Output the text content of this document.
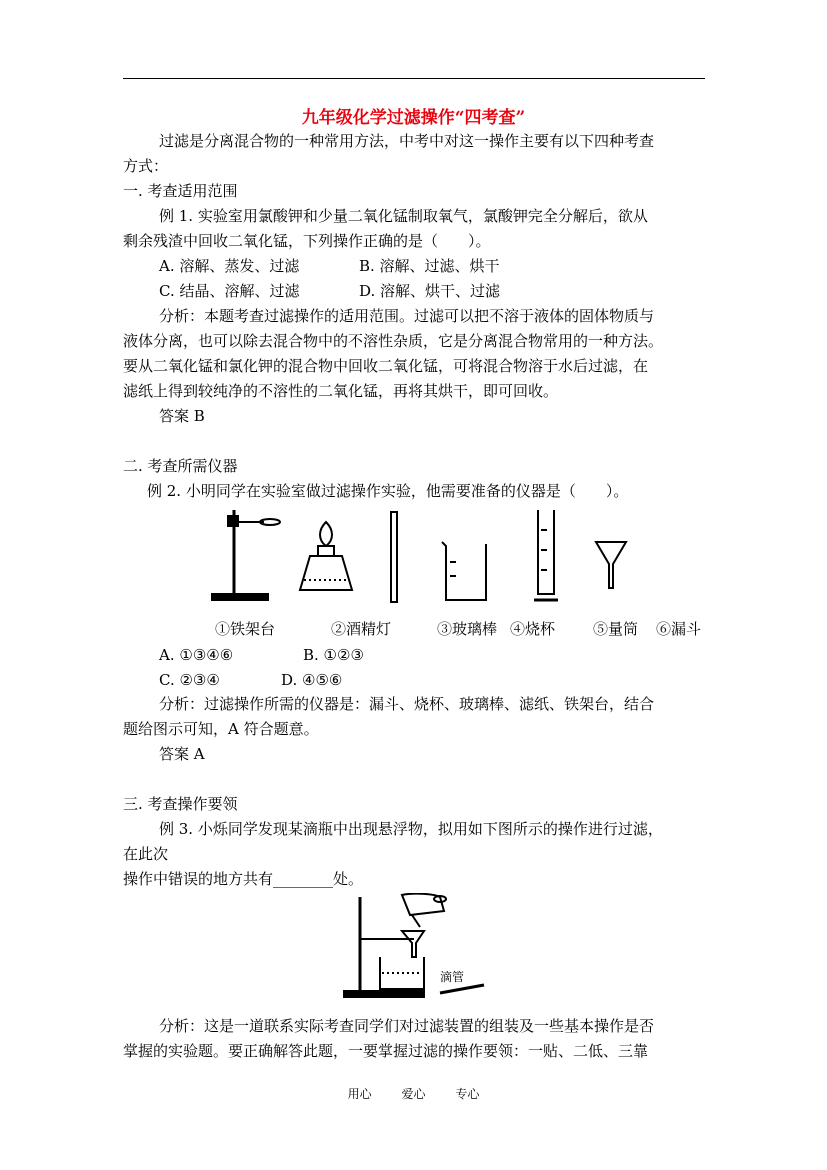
九年级化学过滤操作“四考查”
过滤是分离混合物的一种常用方法，中考中对这一操作主要有以下四种考查
方式：
一. 考查适用范围
例 1. 实验室用氯酸钾和少量二氧化锰制取氧气，氯酸钾完全分解后，欲从
剩余残渣中回收二氧化锰，下列操作正确的是（　　）。
A. 溶解、蒸发、过滤	B. 溶解、过滤、烘干
C. 结晶、溶解、过滤	D. 溶解、烘干、过滤
分析：本题考查过滤操作的适用范围。过滤可以把不溶于液体的固体物质与
液体分离，也可以除去混合物中的不溶性杂质，它是分离混合物常用的一种方法。
要从二氧化锰和氯化钾的混合物中回收二氧化锰，可将混合物溶于水后过滤，在
滤纸上得到较纯净的不溶性的二氧化锰，再将其烘干，即可回收。
答案 B
二. 考查所需仪器
例 2. 小明同学在实验室做过滤操作实验，他需要准备的仪器是（　　）。
①铁架台	②酒精灯	③玻璃棒 ④烧杯	⑤量筒 ⑥漏斗
A. ①③④⑥	B. ①②③
C. ②③④	D. ④⑤⑥
分析：过滤操作所需的仪器是：漏斗、烧杯、玻璃棒、滤纸、铁架台，结合
题给图示可知，A 符合题意。
答案 A
三. 考查操作要领
例 3. 小烁同学发现某滴瓶中出现悬浮物，拟用如下图所示的操作进行过滤，
在此次
操作中错误的地方共有________处。
滴管
分析：这是一道联系实际考查同学们对过滤装置的组装及一些基本操作是否
掌握的实验题。要正确解答此题，一要掌握过滤的操作要领：一贴、二低、三靠
用心 爱心 专心
